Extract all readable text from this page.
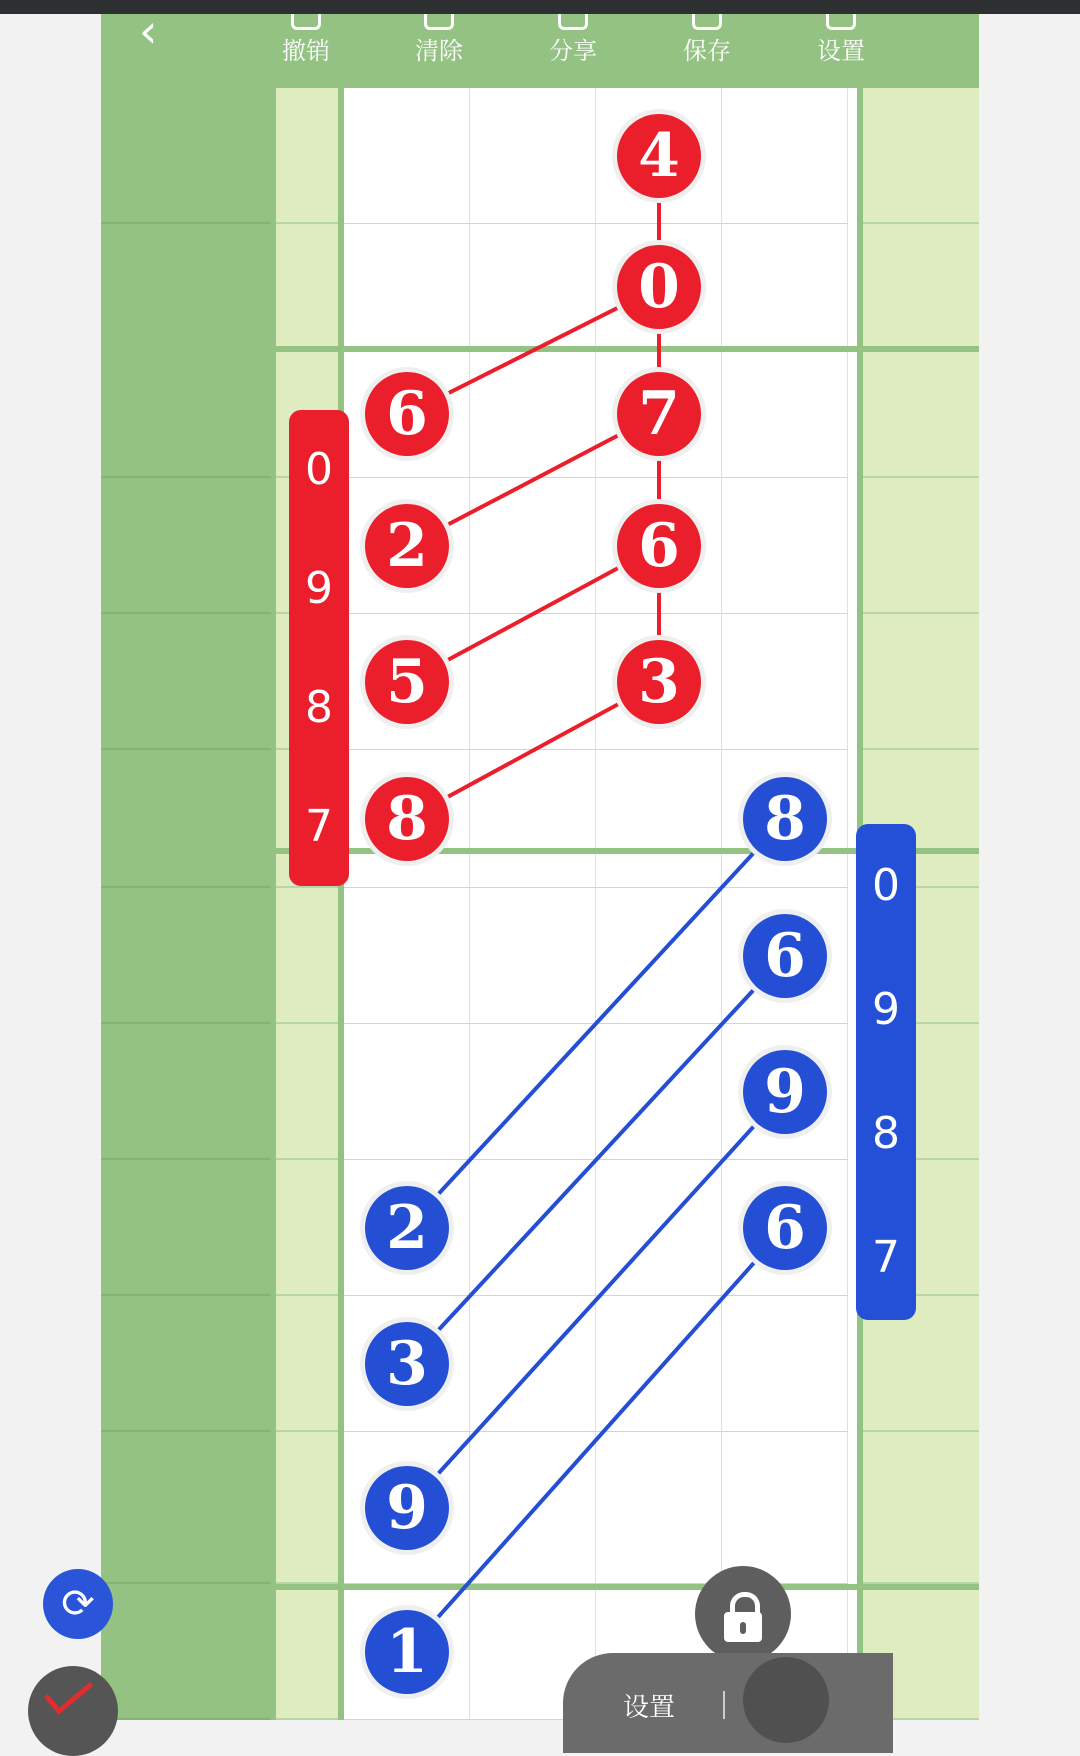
‹	撤销	清除	分享	保存	设置
4
0
7
6
3
6
2
5
8	8
6
9
6
2
3
9
1
0
9
8
7
0
9
8
7
⟳
设置
